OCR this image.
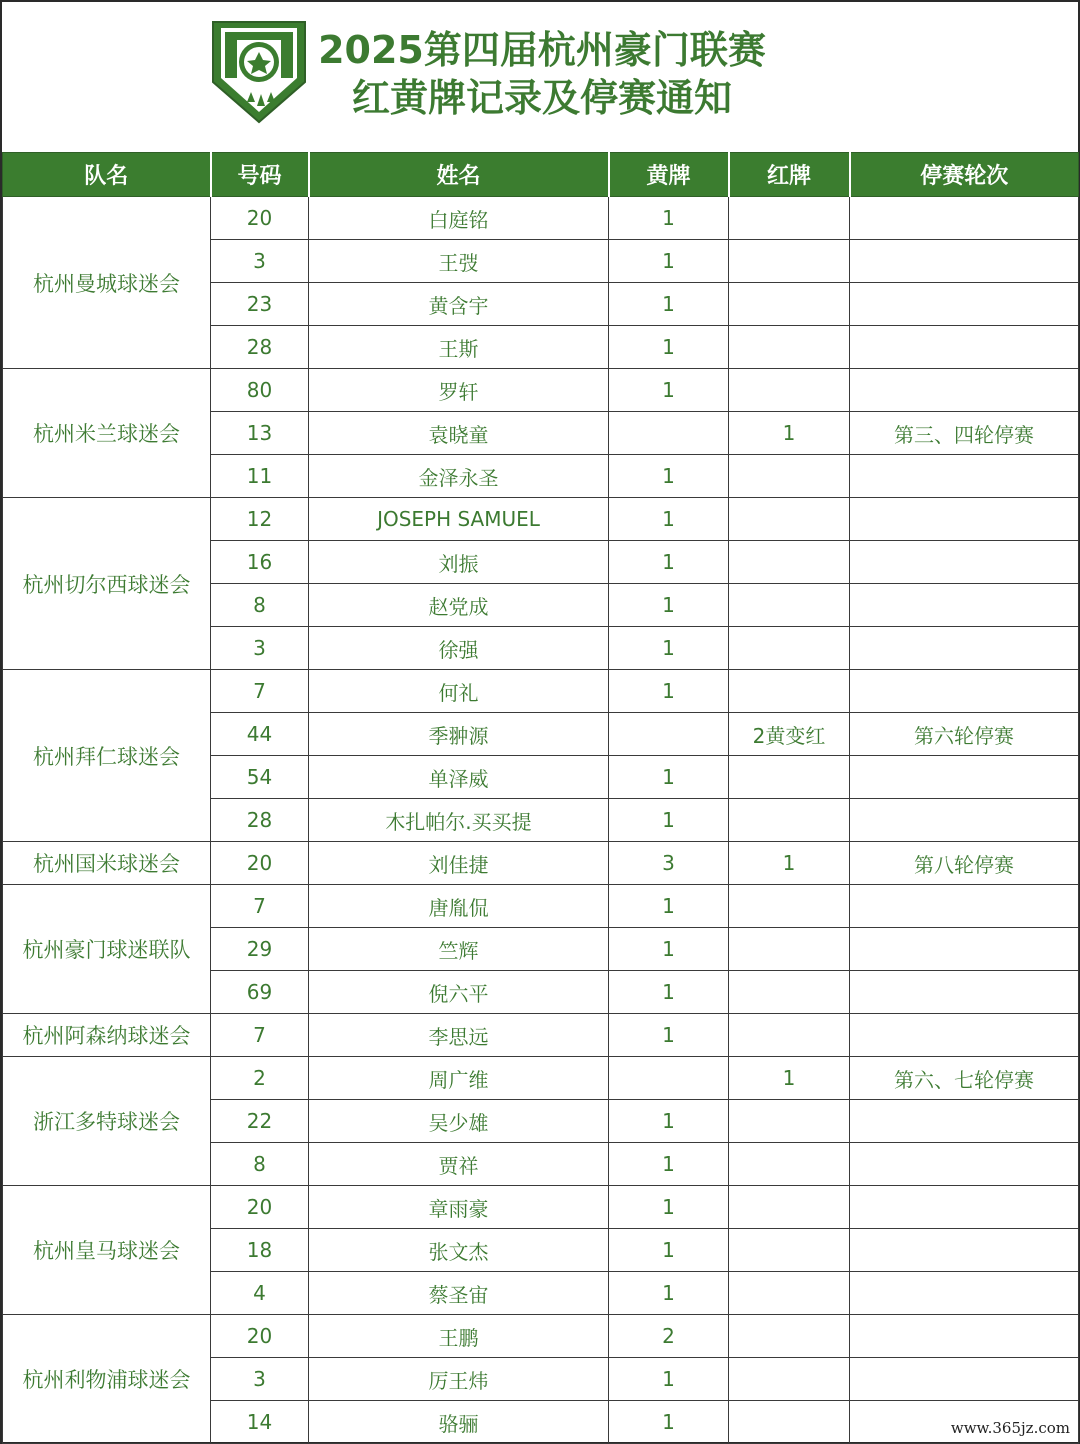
2025第四届杭州豪门联赛
红黄牌记录及停赛通知
队名	号码	姓名	黄牌	红牌	停赛轮次
杭州曼城球迷会	20	白庭铭	1		
	3	王弢	1		
	23	黄含宇	1		
	28	王斯	1		
杭州米兰球迷会	80	罗轩	1		
	13	袁晓童		1	第三、四轮停赛
	11	金泽永圣	1		
杭州切尔西球迷会	12	JOSEPH SAMUEL	1		
	16	刘振	1		
	8	赵党成	1		
	3	徐强	1		
杭州拜仁球迷会	7	何礼	1		
	44	季翀源		2黄变红	第六轮停赛
	54	单泽威	1		
	28	木扎帕尔.买买提	1		
杭州国米球迷会	20	刘佳捷	3	1	第八轮停赛
杭州豪门球迷联队	7	唐胤侃	1		
	29	竺辉	1		
	69	倪六平	1		
杭州阿森纳球迷会	7	李思远	1		
浙江多特球迷会	2	周广维		1	第六、七轮停赛
	22	吴少雄	1		
	8	贾祥	1		
杭州皇马球迷会	20	章雨豪	1		
	18	张文杰	1		
	4	蔡圣宙	1		
杭州利物浦球迷会	20	王鹏	2		
	3	厉王炜	1		
	14	骆骊	1			www.365jz.com
